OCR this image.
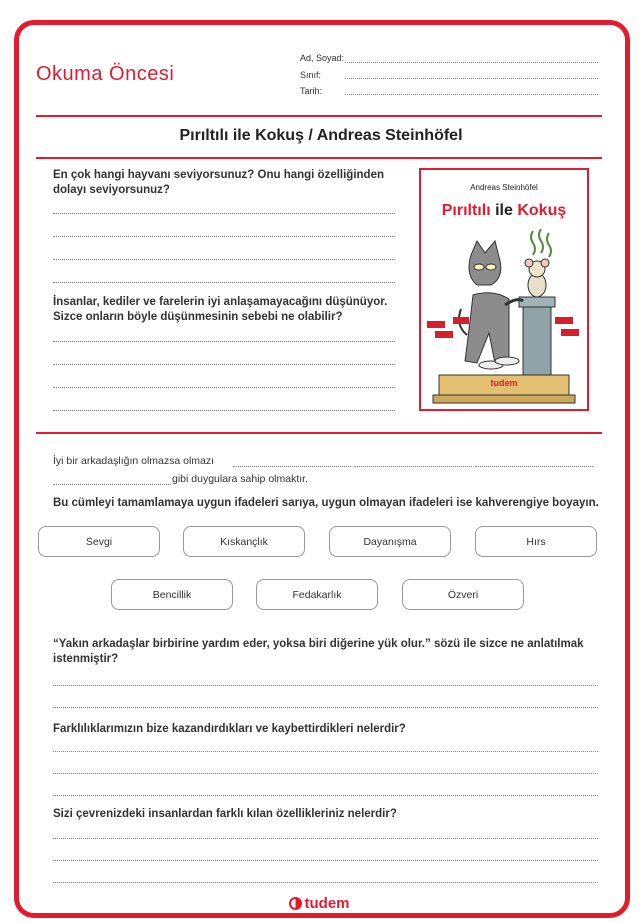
Okuma Öncesi
Ad, Soyad:
Sınıf:
Tarih:
Pırıltılı ile Kokuş / Andreas Steinhöfel
En çok hangi hayvanı seviyorsunuz? Onu hangi özelliğinden dolayı seviyorsunuz?
İnsanlar, kediler ve farelerin iyi anlaşamayacağını düşünüyor. Sizce onların böyle düşünmesinin sebebi ne olabilir?
Andreas Steinhöfel
Pırıltılı ile Kokuş
tudem
İyi bir arkadaşlığın olmazsa olmazı
gibi duygulara sahip olmaktır.
Bu cümleyi tamamlamaya uygun ifadeleri sarıya, uygun olmayan ifadeleri ise kahverengiye boyayın.
Sevgi	Kıskançlık	Dayanışma	Hırs
Bencillik	Fedakarlık	Özveri
“Yakın arkadaşlar birbirine yardım eder, yoksa biri diğerine yük olur.” sözü ile sizce ne anlatılmak istenmiştir?
Farklılıklarımızın bize kazandırdıkları ve kaybettirdikleri nelerdir?
Sizi çevrenizdeki insanlardan farklı kılan özellikleriniz nelerdir?
tudem
